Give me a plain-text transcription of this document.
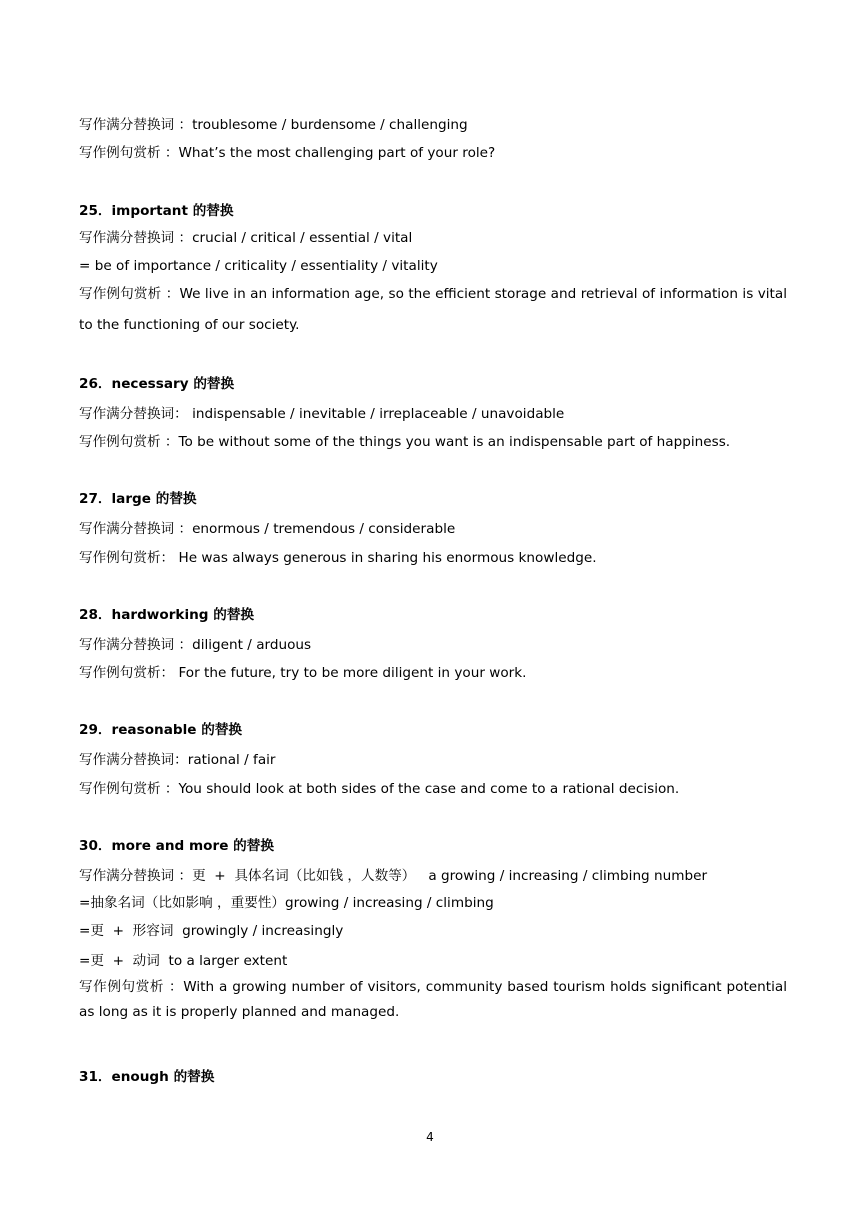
写作满分替换词 ：troublesome / burdensome / challenging
写作例句赏析 ：What’s the most challenging part of your role?
25．important 的替换
写作满分替换词 ：crucial / critical / essential / vital
= be of importance / criticality / essentiality / vitality
写作例句赏析 ：We live in an information age, so the efficient storage and retrieval of information is vital to the functioning of our society.
26．necessary 的替换
写作满分替换词： indispensable / inevitable / irreplaceable / unavoidable
写作例句赏析 ：To be without some of the things you want is an indispensable part of happiness.
27．large 的替换
写作满分替换词 ：enormous / tremendous / considerable
写作例句赏析： He was always generous in sharing his enormous knowledge.
28．hardworking 的替换
写作满分替换词 ：diligent / arduous
写作例句赏析： For the future, try to be more diligent in your work.
29．reasonable 的替换
写作满分替换词：rational / fair
写作例句赏析 ：You should look at both sides of the case and come to a rational decision.
30．more and more 的替换
写作满分替换词 ：更  +  具体名词（比如钱 ，人数等）   a growing / increasing / climbing number
=抽象名词（比如影响 ，重要性）growing / increasing / climbing
=更  +  形容词  growingly / increasingly
=更  +  动词  to a larger extent
写作例句赏析 ：With a growing number of visitors, community based tourism holds significant potential as long as it is properly planned and managed.
31．enough 的替换
4
